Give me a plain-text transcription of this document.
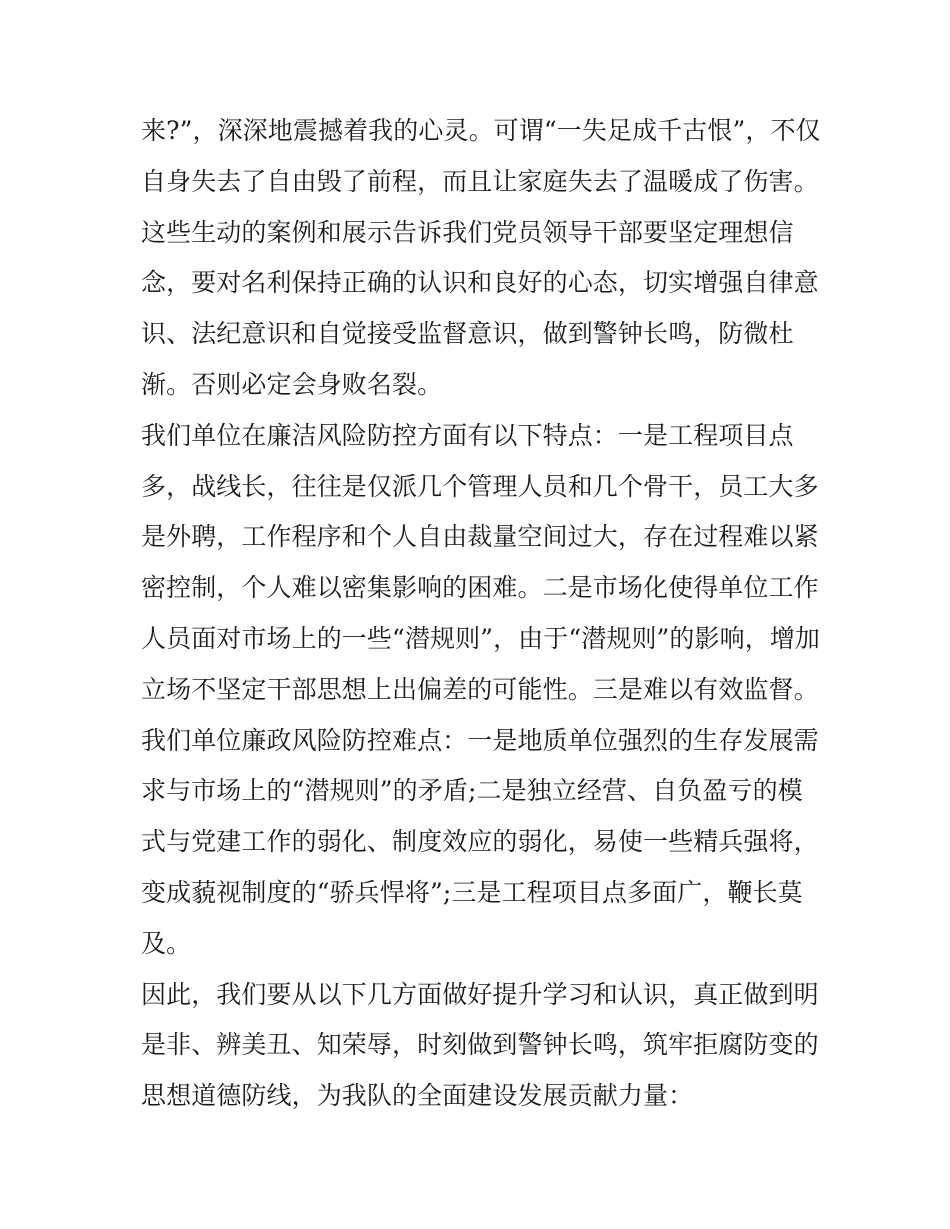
来?”，深深地震撼着我的心灵。可谓“一失足成千古恨”，不仅
自身失去了自由毁了前程，而且让家庭失去了温暖成了伤害。
这些生动的案例和展示告诉我们党员领导干部要坚定理想信
念，要对名利保持正确的认识和良好的心态，切实增强自律意
识、法纪意识和自觉接受监督意识，做到警钟长鸣，防微杜
渐。否则必定会身败名裂。
我们单位在廉洁风险防控方面有以下特点：一是工程项目点
多，战线长，往往是仅派几个管理人员和几个骨干，员工大多
是外聘，工作程序和个人自由裁量空间过大，存在过程难以紧
密控制，个人难以密集影响的困难。二是市场化使得单位工作
人员面对市场上的一些“潜规则”，由于“潜规则”的影响，增加
立场不坚定干部思想上出偏差的可能性。三是难以有效监督。
我们单位廉政风险防控难点：一是地质单位强烈的生存发展需
求与市场上的“潜规则”的矛盾;二是独立经营、自负盈亏的模
式与党建工作的弱化、制度效应的弱化，易使一些精兵强将，
变成藐视制度的“骄兵悍将”;三是工程项目点多面广，鞭长莫
及。
因此，我们要从以下几方面做好提升学习和认识，真正做到明
是非、辨美丑、知荣辱，时刻做到警钟长鸣，筑牢拒腐防变的
思想道德防线，为我队的全面建设发展贡献力量：
